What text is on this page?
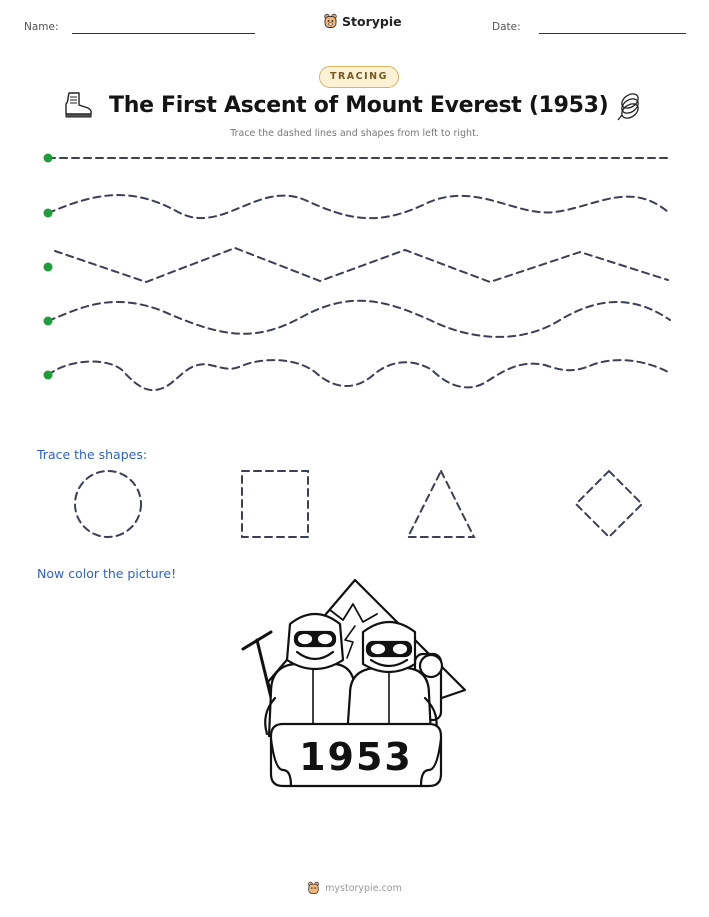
Name:	Storypie	Date:
TRACING
The First Ascent of Mount Everest (1953)
Trace the dashed lines and shapes from left to right.
Trace the shapes:
Now color the picture!
1953
mystorypie.com
